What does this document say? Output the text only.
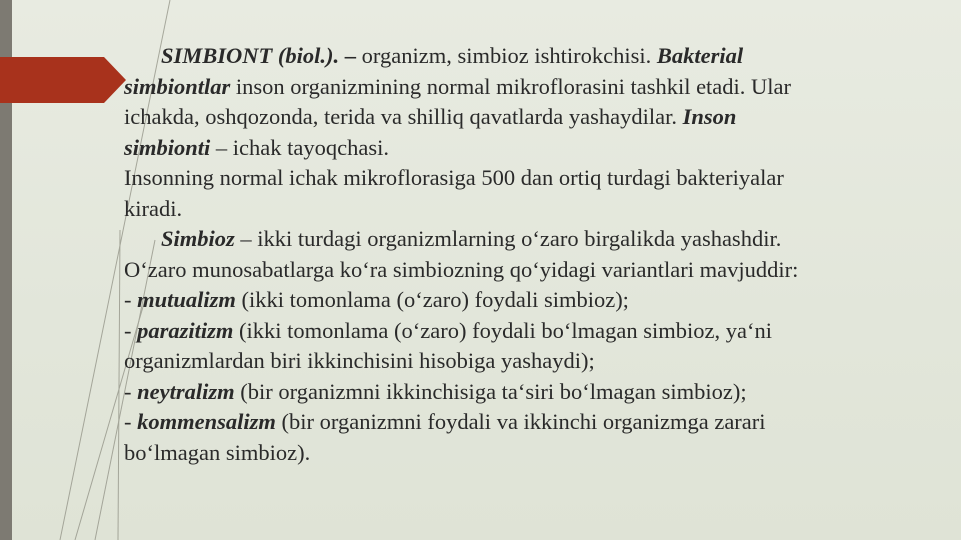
SIMBIONT (biol.). – organizm, simbioz ishtirokchisi. Bakterial
simbiontlar inson organizmining normal mikroflorasini tashkil etadi. Ular
ichakda, oshqozonda, terida va shilliq qavatlarda yashaydilar. Inson
simbionti – ichak tayoqchasi.
Insonning normal ichak mikroflorasiga 500 dan ortiq turdagi bakteriyalar
kiradi.
Simbioz – ikki turdagi organizmlarning o‘zaro birgalikda yashashdir.
O‘zaro munosabatlarga ko‘ra simbiozning qo‘yidagi variantlari mavjuddir:
- mutualizm (ikki tomonlama (o‘zaro) foydali simbioz);
- parazitizm (ikki tomonlama (o‘zaro) foydali bo‘lmagan simbioz, ya‘ni
organizmlardan biri ikkinchisini hisobiga yashaydi);
- neytralizm (bir organizmni ikkinchisiga ta‘siri bo‘lmagan simbioz);
- kommensalizm (bir organizmni foydali va ikkinchi organizmga zarari
bo‘lmagan simbioz).
